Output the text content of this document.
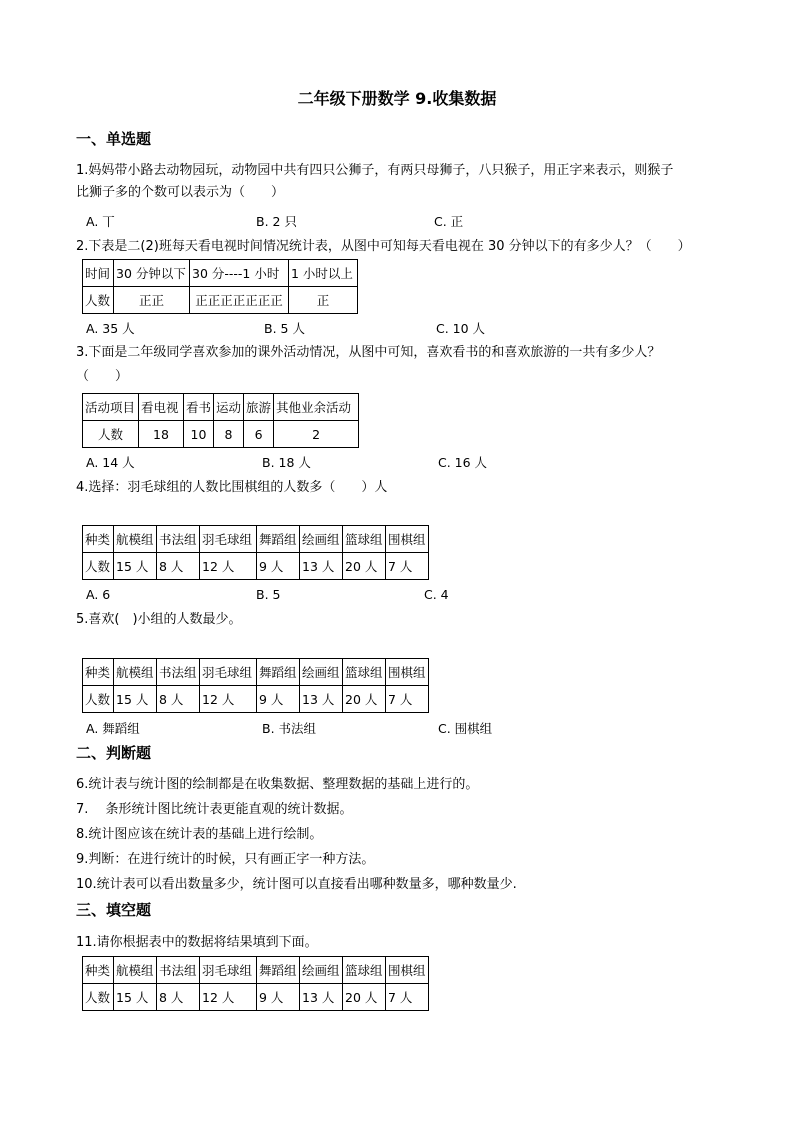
二年级下册数学 9.收集数据
一、单选题
1.妈妈带小路去动物园玩，动物园中共有四只公狮子，有两只母狮子，八只猴子，用正字来表示，则猴子
比狮子多的个数可以表示为（　　）
A. 丅	B. 2 只	C. 正
2.下表是二(2)班每天看电视时间情况统计表，从图中可知每天看电视在 30 分钟以下的有多少人？（　　）
时间	30 分钟以下	30 分----1 小时	1 小时以上
人数	正正	正正正正正正正	正
A. 35 人	B. 5 人	C. 10 人
3.下面是二年级同学喜欢参加的课外活动情况，从图中可知，喜欢看书的和喜欢旅游的一共有多少人？
（　　）
活动项目	看电视	看书	运动	旅游	其他业余活动
人数	18	10	8	6	2
A. 14 人	B. 18 人	C. 16 人
4.选择：羽毛球组的人数比围棋组的人数多（　　）人
种类	航模组	书法组	羽毛球组	舞蹈组	绘画组	篮球组	围棋组
人数	15 人	8 人	12 人	9 人	13 人	20 人	7 人
A. 6	B. 5	C. 4
5.喜欢(　)小组的人数最少。
种类	航模组	书法组	羽毛球组	舞蹈组	绘画组	篮球组	围棋组
人数	15 人	8 人	12 人	9 人	13 人	20 人	7 人
A. 舞蹈组	B. 书法组	C. 围棋组
二、判断题
6.统计表与统计图的绘制都是在收集数据、整理数据的基础上进行的。
7.　 条形统计图比统计表更能直观的统计数据。
8.统计图应该在统计表的基础上进行绘制。
9.判断：在进行统计的时候，只有画正字一种方法。
10.统计表可以看出数量多少，统计图可以直接看出哪种数量多，哪种数量少.
三、填空题
11.请你根据表中的数据将结果填到下面。
种类	航模组	书法组	羽毛球组	舞蹈组	绘画组	篮球组	围棋组
人数	15 人	8 人	12 人	9 人	13 人	20 人	7 人
